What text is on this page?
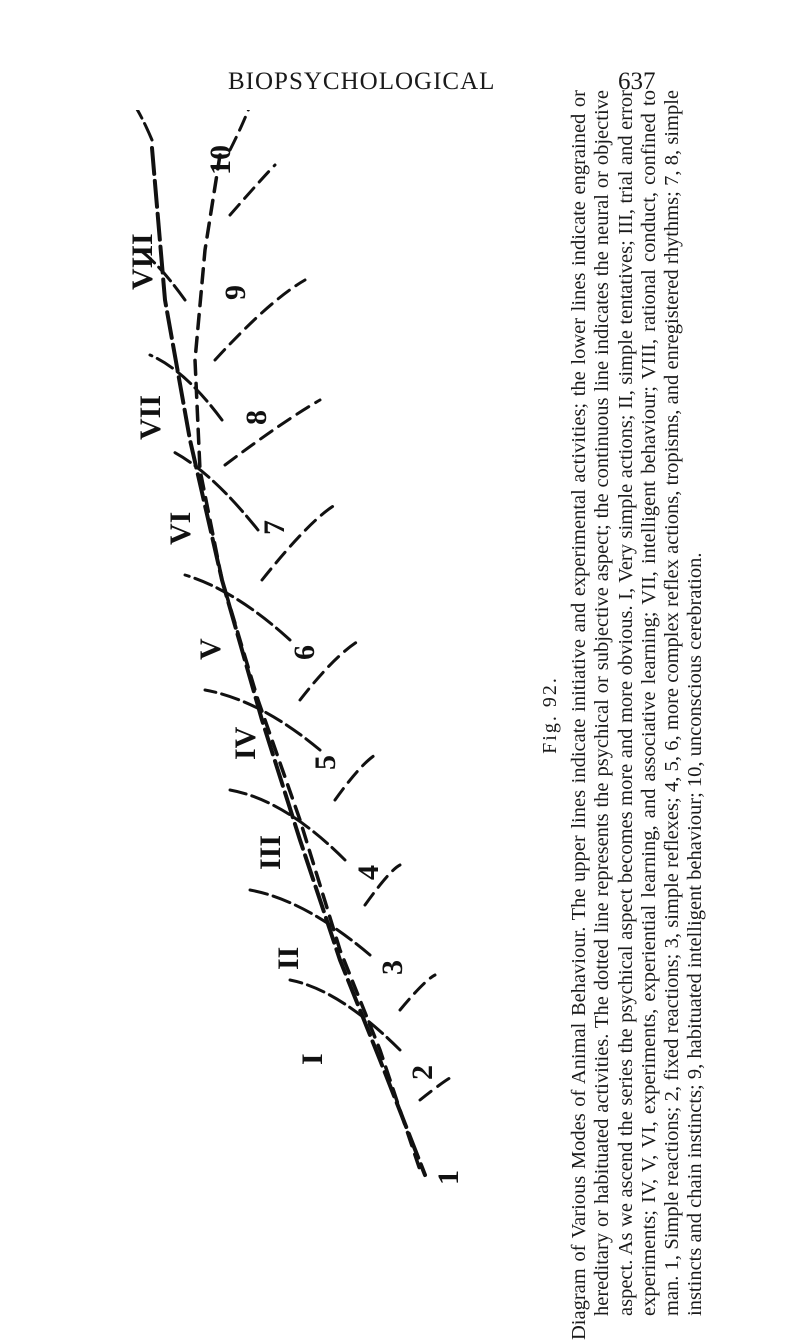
BIOPSYCHOLOGICAL	637
VIII
VII
VI
V
IV
III
II
I
10
9
8
7
6
5
4
3
2
1
Fig. 92. Diagram of Various Modes of Animal Behaviour. The upper lines indicate initiative and experimental activities; the lower lines indicate engrained or hereditary or habituated activities. The dotted line represents the psychical or subjective aspect; the continuous line indicates the neural or objective aspect. As we ascend the series the psychical aspect becomes more and more obvious. I, Very simple actions; II, simple tentatives; III, trial and error experiments; IV, V, VI, experiments, experiential learning, and associative learning; VII, intelligent behaviour; VIII, rational conduct, confined to man. 1, Simple reactions; 2, fixed reactions; 3, simple reflexes; 4, 5, 6, more complex reflex actions, tropisms, and enregistered rhythms; 7, 8, simple instincts and chain instincts; 9, habituated intelligent behaviour; 10, unconscious cerebration.
